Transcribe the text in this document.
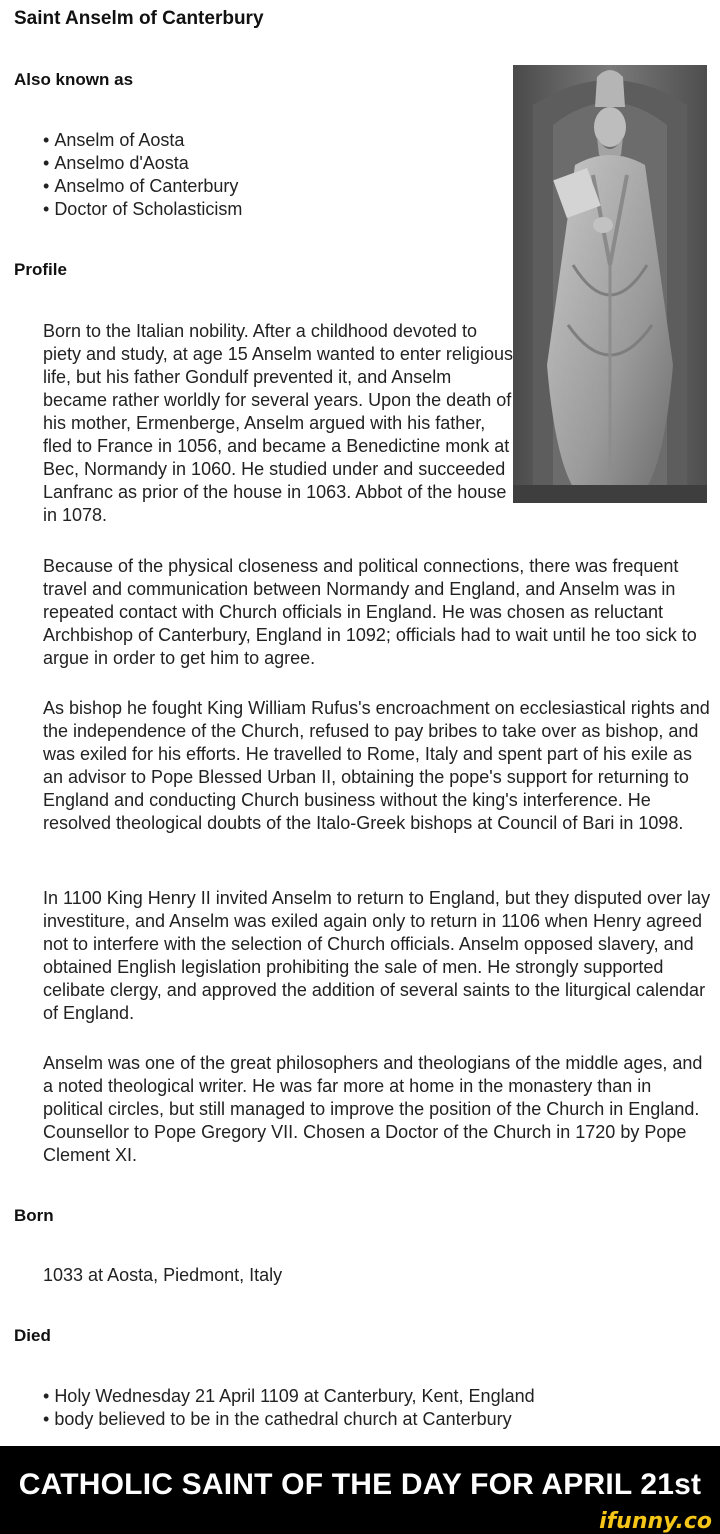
Saint Anselm of Canterbury
Also known as
• Anselm of Aosta
• Anselmo d'Aosta
• Anselmo of Canterbury
• Doctor of Scholasticism
Profile

Born to the Italian nobility. After a childhood devoted to piety and study, at age 15 Anselm wanted to enter religious life, but his father Gondulf prevented it, and Anselm became rather worldly for several years. Upon the death of his mother, Ermenberge, Anselm argued with his father, fled to France in 1056, and became a Benedictine monk at Bec, Normandy in 1060. He studied under and succeeded Lanfranc as prior of the house in 1063. Abbot of the house in 1078.

Because of the physical closeness and political connections, there was frequent travel and communication between Normandy and England, and Anselm was in repeated contact with Church officials in England. He was chosen as reluctant Archbishop of Canterbury, England in 1092; officials had to wait until he too sick to argue in order to get him to agree.

As bishop he fought King William Rufus's encroachment on ecclesiastical rights and the independence of the Church, refused to pay bribes to take over as bishop, and was exiled for his efforts. He travelled to Rome, Italy and spent part of his exile as an advisor to Pope Blessed Urban II, obtaining the pope's support for returning to England and conducting Church business without the king's interference. He resolved theological doubts of the Italo-Greek bishops at Council of Bari in 1098.

In 1100 King Henry II invited Anselm to return to England, but they disputed over lay investiture, and Anselm was exiled again only to return in 1106 when Henry agreed not to interfere with the selection of Church officials. Anselm opposed slavery, and obtained English legislation prohibiting the sale of men. He strongly supported celibate clergy, and approved the addition of several saints to the liturgical calendar of England.

Anselm was one of the great philosophers and theologians of the middle ages, and a noted theological writer. He was far more at home in the monastery than in political circles, but still managed to improve the position of the Church in England. Counsellor to Pope Gregory VII. Chosen a Doctor of the Church in 1720 by Pope Clement XI.

Born

1033 at Aosta, Piedmont, Italy

Died
• Holy Wednesday 21 April 1109 at Canterbury, Kent, England
• body believed to be in the cathedral church at Canterbury
CATHOLIC SAINT OF THE DAY FOR APRIL 21st
ifunny.co
